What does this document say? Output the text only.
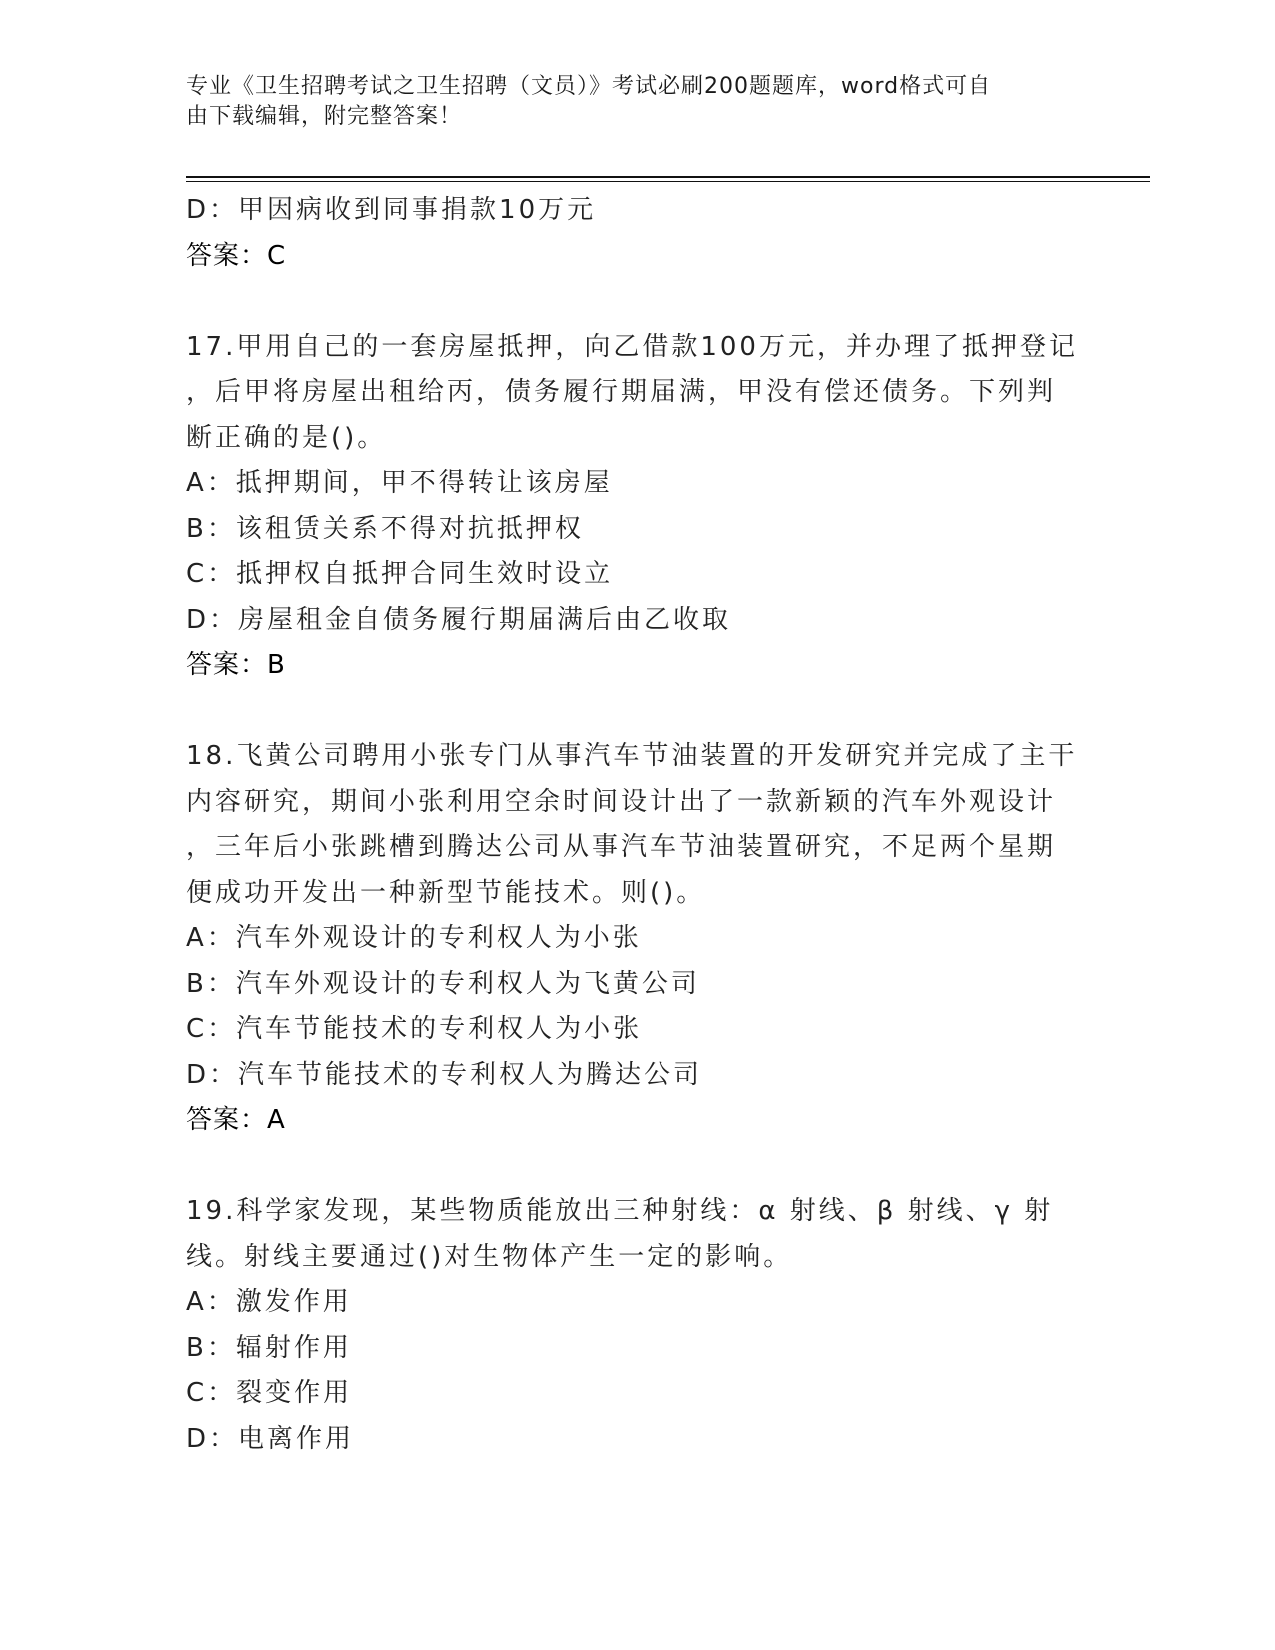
专业《卫生招聘考试之卫生招聘（文员）》考试必刷200题题库，word格式可自
由下载编辑，附完整答案！
D：甲因病收到同事捐款10万元
答案：C
17.甲用自己的一套房屋抵押，向乙借款100万元，并办理了抵押登记
，后甲将房屋出租给丙，债务履行期届满，甲没有偿还债务。下列判
断正确的是()。
A：抵押期间，甲不得转让该房屋
B：该租赁关系不得对抗抵押权
C：抵押权自抵押合同生效时设立
D：房屋租金自债务履行期届满后由乙收取
答案：B
18.飞黄公司聘用小张专门从事汽车节油装置的开发研究并完成了主干
内容研究，期间小张利用空余时间设计出了一款新颖的汽车外观设计
，三年后小张跳槽到腾达公司从事汽车节油装置研究，不足两个星期
便成功开发出一种新型节能技术。则()。
A：汽车外观设计的专利权人为小张
B：汽车外观设计的专利权人为飞黄公司
C：汽车节能技术的专利权人为小张
D：汽车节能技术的专利权人为腾达公司
答案：A
19.科学家发现，某些物质能放出三种射线：α 射线、β 射线、γ 射
线。射线主要通过()对生物体产生一定的影响。
A：激发作用
B：辐射作用
C：裂变作用
D：电离作用
